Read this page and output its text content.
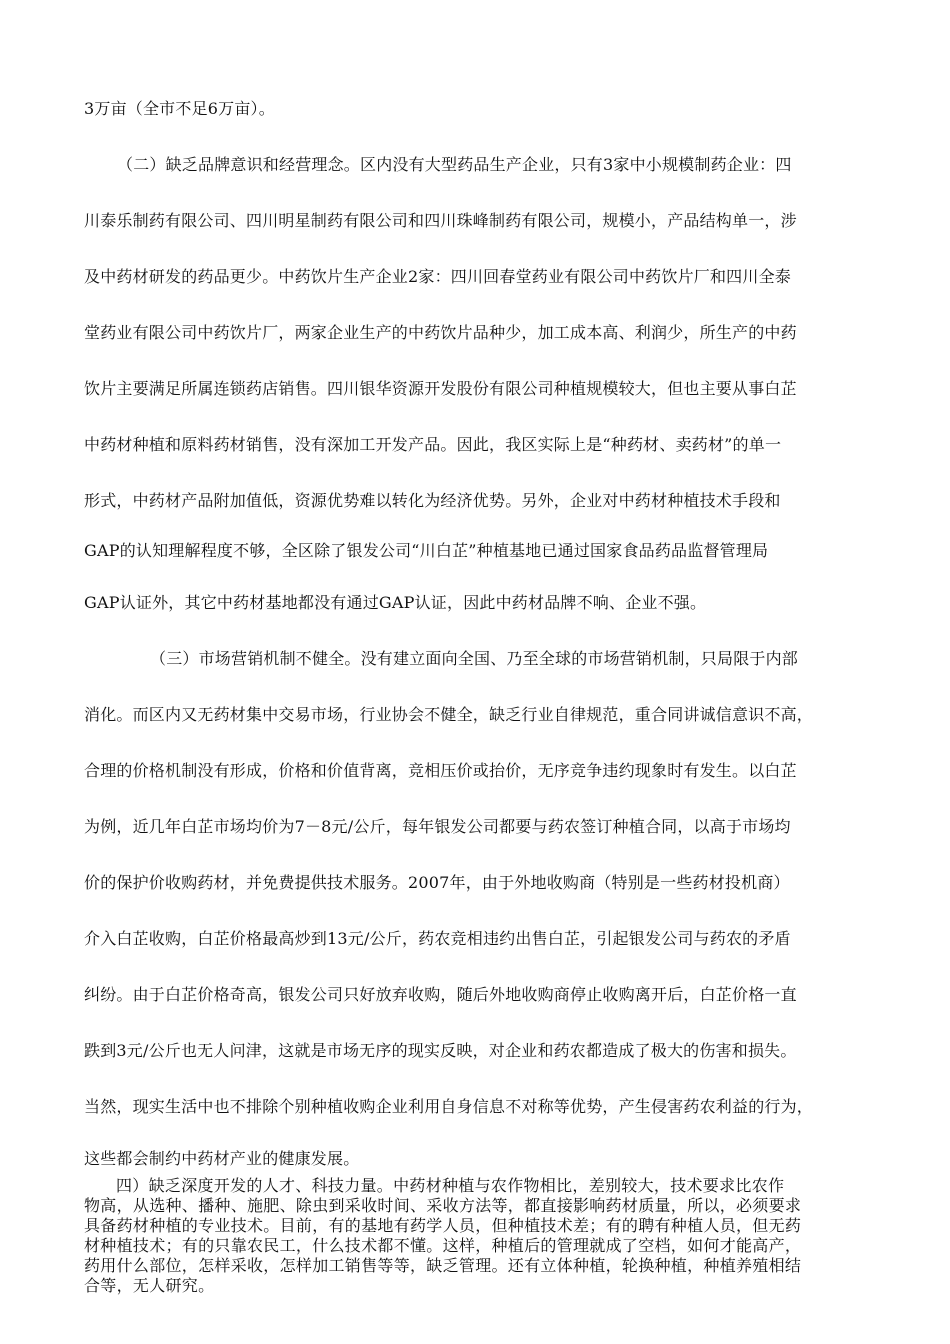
3万亩（全市不足6万亩）。
（二）缺乏品牌意识和经营理念。区内没有大型药品生产企业，只有3家中小规模制药企业：四
川泰乐制药有限公司、四川明星制药有限公司和四川珠峰制药有限公司，规模小，产品结构单一，涉
及中药材研发的药品更少。中药饮片生产企业2家：四川回春堂药业有限公司中药饮片厂和四川全泰
堂药业有限公司中药饮片厂，两家企业生产的中药饮片品种少，加工成本高、利润少，所生产的中药
饮片主要满足所属连锁药店销售。四川银华资源开发股份有限公司种植规模较大，但也主要从事白芷
中药材种植和原料药材销售，没有深加工开发产品。因此，我区实际上是“种药材、卖药材”的单一
形式，中药材产品附加值低，资源优势难以转化为经济优势。另外，企业对中药材种植技术手段和
GAP的认知理解程度不够，全区除了银发公司“川白芷”种植基地已通过国家食品药品监督管理局
GAP认证外，其它中药材基地都没有通过GAP认证，因此中药材品牌不响、企业不强。
（三）市场营销机制不健全。没有建立面向全国、乃至全球的市场营销机制，只局限于内部
消化。而区内又无药材集中交易市场，行业协会不健全，缺乏行业自律规范，重合同讲诚信意识不高，
合理的价格机制没有形成，价格和价值背离，竞相压价或抬价，无序竞争违约现象时有发生。以白芷
为例，近几年白芷市场均价为7－8元/公斤，每年银发公司都要与药农签订种植合同，以高于市场均
价的保护价收购药材，并免费提供技术服务。2007年，由于外地收购商（特别是一些药材投机商）
介入白芷收购，白芷价格最高炒到13元/公斤，药农竞相违约出售白芷，引起银发公司与药农的矛盾
纠纷。由于白芷价格奇高，银发公司只好放弃收购，随后外地收购商停止收购离开后，白芷价格一直
跌到3元/公斤也无人问津，这就是市场无序的现实反映，对企业和药农都造成了极大的伤害和损失。
当然，现实生活中也不排除个别种植收购企业利用自身信息不对称等优势，产生侵害药农利益的行为，
这些都会制约中药材产业的健康发展。
四）缺乏深度开发的人才、科技力量。中药材种植与农作物相比，差别较大，技术要求比农作
物高，从选种、播种、施肥、除虫到采收时间、采收方法等，都直接影响药材质量，所以，必须要求
具备药材种植的专业技术。目前，有的基地有药学人员，但种植技术差；有的聘有种植人员，但无药
材种植技术；有的只靠农民工，什么技术都不懂。这样，种植后的管理就成了空档，如何才能高产，
药用什么部位，怎样采收，怎样加工销售等等，缺乏管理。还有立体种植，轮换种植，种植养殖相结
合等，无人研究。
